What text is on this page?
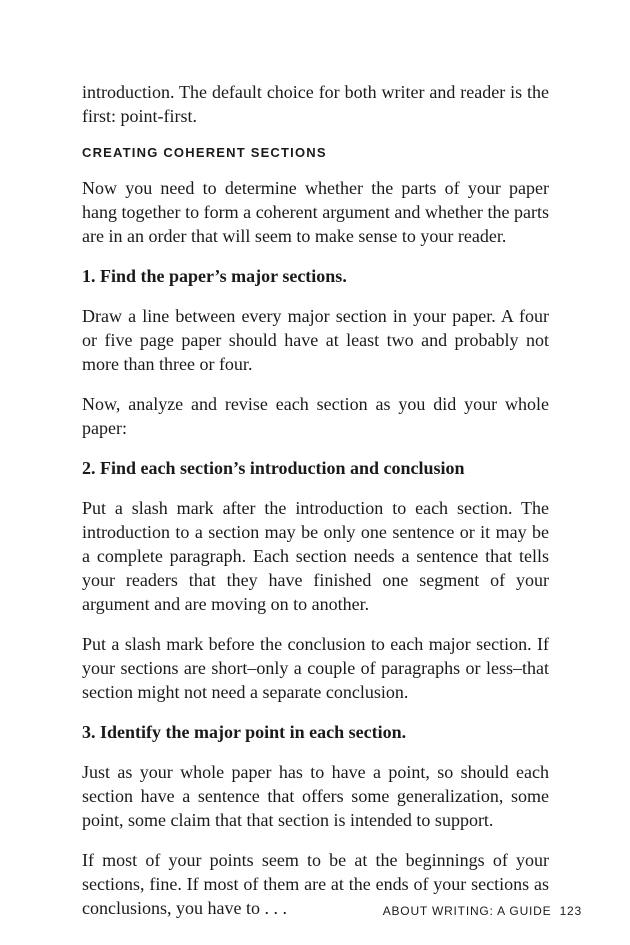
introduction. The default choice for both writer and reader is the first: point-first.

CREATING COHERENT SECTIONS

Now you need to determine whether the parts of your paper hang together to form a coherent argument and whether the parts are in an order that will seem to make sense to your reader.

1. Find the paper’s major sections.

Draw a line between every major section in your paper. A four or five page paper should have at least two and probably not more than three or four.

Now, analyze and revise each section as you did your whole paper:

2. Find each section’s introduction and conclusion

Put a slash mark after the introduction to each section. The introduction to a section may be only one sentence or it may be a complete paragraph. Each section needs a sentence that tells your readers that they have finished one segment of your argument and are moving on to another.

Put a slash mark before the conclusion to each major section. If your sections are short–only a couple of paragraphs or less–that section might not need a separate conclusion.

3. Identify the major point in each section.

Just as your whole paper has to have a point, so should each section have a sentence that offers some generalization, some point, some claim that that section is intended to support.

If most of your points seem to be at the beginnings of your sections, fine. If most of them are at the ends of your sections as conclusions, you have to . . .	ABOUT WRITING: A GUIDE 123
